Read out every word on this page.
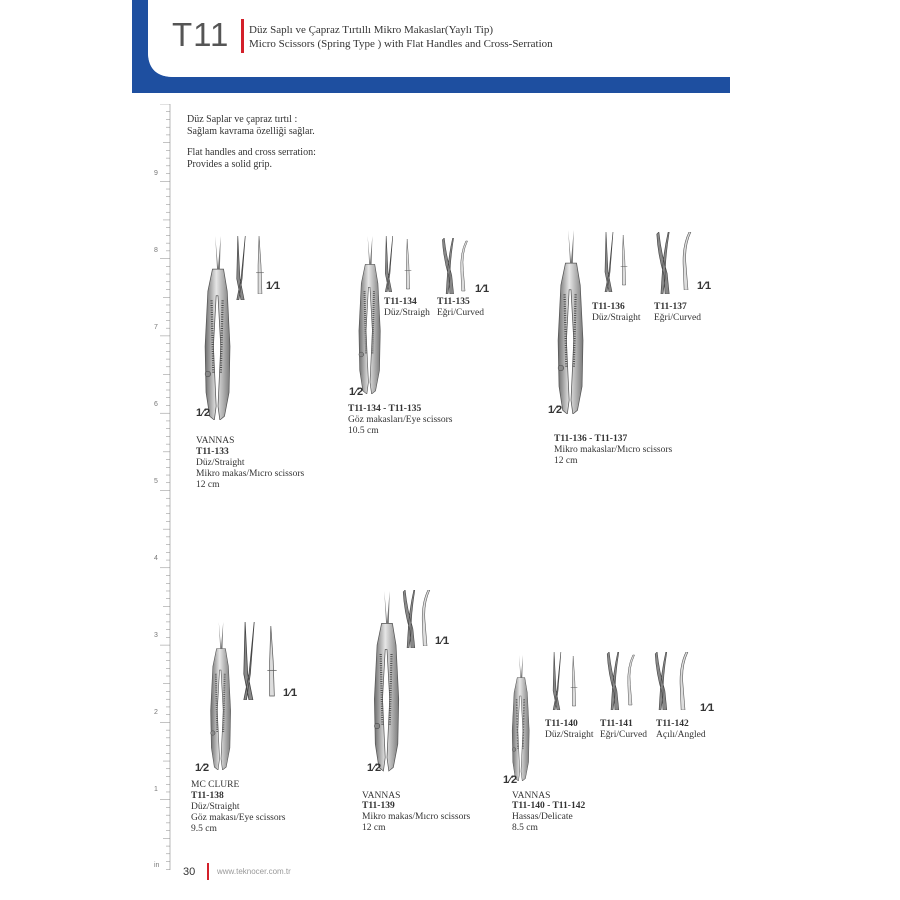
T11 Düz Saplı ve Çapraz Tırtıllı Mikro Makaslar(Yaylı Tip)
Micro Scissors (Spring Type ) with Flat Handles and Cross-Serration
9
8
7
6
5
4
3
2
1
in
Düz Saplar ve çapraz tırtıl :
Sağlam kavrama özelliği sağlar.
Flat handles and cross serration:
Provides a solid grip.
1⁄1
1⁄2
VANNAS
T11-133
Düz/Straight
Mikro makas/Mıcro scissors
12 cm
1⁄1
T11-134
Düz/Straigh
T11-135
Eğri/Curved
1⁄2
T11-134 - T11-135
Göz makasları/Eye scissors
10.5 cm
1⁄1
T11-136
Düz/Straight
T11-137
Eğri/Curved
1⁄2
T11-136 - T11-137
Mikro makaslar/Mıcro scissors
12 cm
1⁄1
1⁄2
MC CLURE
T11-138
Düz/Straight
Göz makası/Eye scissors
9.5 cm
1⁄1
1⁄2
VANNAS
T11-139
Mikro makas/Mıcro scissors
12 cm
1⁄1
T11-140
Düz/Straight
T11-141
Eğri/Curved
T11-142
Açılı/Angled
1⁄2
VANNAS
T11-140 - T11-142
Hassas/Delicate
8.5 cm
30	www.teknocer.com.tr
